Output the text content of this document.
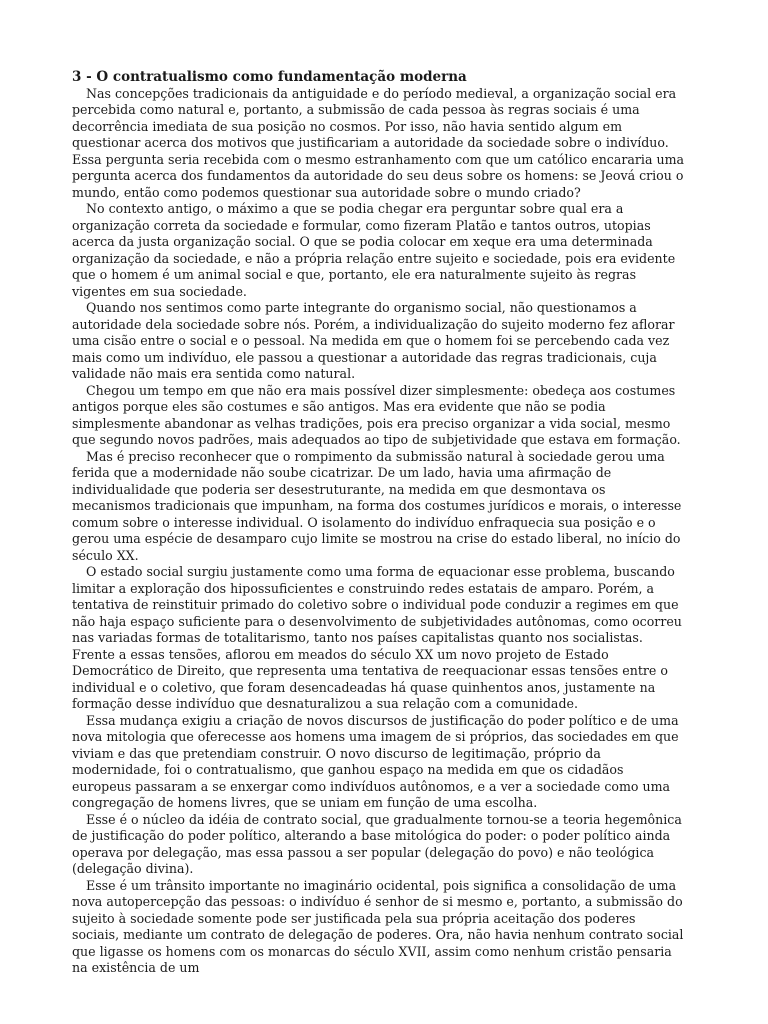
3 - O contratualismo como fundamentação moderna

Nas concepções tradicionais da antiguidade e do período medieval, a organização social era percebida como natural e, portanto, a submissão de cada pessoa às regras sociais é uma decorrência imediata de sua posição no cosmos. Por isso, não havia sentido algum em questionar acerca dos motivos que justificariam a autoridade da sociedade sobre o indivíduo. Essa pergunta seria recebida com o mesmo estranhamento com que um católico encararia uma pergunta acerca dos fundamentos da autoridade do seu deus sobre os homens: se Jeová criou o mundo, então como podemos questionar sua autoridade sobre o mundo criado?

No contexto antigo, o máximo a que se podia chegar era perguntar sobre qual era a organização correta da sociedade e formular, como fizeram Platão e tantos outros, utopias acerca da justa organização social. O que se podia colocar em xeque era uma determinada organização da sociedade, e não a própria relação entre sujeito e sociedade, pois era evidente que o homem é um animal social e que, portanto, ele era naturalmente sujeito às regras vigentes em sua sociedade.

Quando nos sentimos como parte integrante do organismo social, não questionamos a autoridade dela sociedade sobre nós. Porém, a individualização do sujeito moderno fez aflorar uma cisão entre o social e o pessoal. Na medida em que o homem foi se percebendo cada vez mais como um indivíduo, ele passou a questionar a autoridade das regras tradicionais, cuja validade não mais era sentida como natural.

Chegou um tempo em que não era mais possível dizer simplesmente: obedeça aos costumes antigos porque eles são costumes e são antigos. Mas era evidente que não se podia simplesmente abandonar as velhas tradições, pois era preciso organizar a vida social, mesmo que segundo novos padrões, mais adequados ao tipo de subjetividade que estava em formação.

Mas é preciso reconhecer que o rompimento da submissão natural à sociedade gerou uma ferida que a modernidade não soube cicatrizar. De um lado, havia uma afirmação de individualidade que poderia ser desestruturante, na medida em que desmontava os mecanismos tradicionais que impunham, na forma dos costumes jurídicos e morais, o interesse comum sobre o interesse individual. O isolamento do indivíduo enfraquecia sua posição e o gerou uma espécie de desamparo cujo limite se mostrou na crise do estado liberal, no início do século XX.

O estado social surgiu justamente como uma forma de equacionar esse problema, buscando limitar a exploração dos hipossuficientes e construindo redes estatais de amparo. Porém, a tentativa de reinstituir primado do coletivo sobre o individual pode conduzir a regimes em que não haja espaço suficiente para o desenvolvimento de subjetividades autônomas, como ocorreu nas variadas formas de totalitarismo, tanto nos países capitalistas quanto nos socialistas. Frente a essas tensões, aflorou em meados do século XX um novo projeto de Estado Democrático de Direito, que representa uma tentativa de reequacionar essas tensões entre o individual e o coletivo, que foram desencadeadas há quase quinhentos anos, justamente na formação desse indivíduo que desnaturalizou a sua relação com a comunidade.

Essa mudança exigiu a criação de novos discursos de justificação do poder político e de uma nova mitologia que oferecesse aos homens uma imagem de si próprios, das sociedades em que viviam e das que pretendiam construir. O novo discurso de legitimação, próprio da modernidade, foi o contratualismo, que ganhou espaço na medida em que os cidadãos europeus passaram a se enxergar como indivíduos autônomos, e a ver a sociedade como uma congregação de homens livres, que se uniam em função de uma escolha.

Esse é o núcleo da idéia de contrato social, que gradualmente tornou-se a teoria hegemônica de justificação do poder político, alterando a base mitológica do poder: o poder político ainda operava por delegação, mas essa passou a ser popular (delegação do povo) e não teológica (delegação divina).

Esse é um trânsito importante no imaginário ocidental, pois significa a consolidação de uma nova autopercepção das pessoas: o indivíduo é senhor de si mesmo e, portanto, a submissão do sujeito à sociedade somente pode ser justificada pela sua própria aceitação dos poderes sociais, mediante um contrato de delegação de poderes. Ora, não havia nenhum contrato social que ligasse os homens com os monarcas do século XVII, assim como nenhum cristão pensaria na existência de um
